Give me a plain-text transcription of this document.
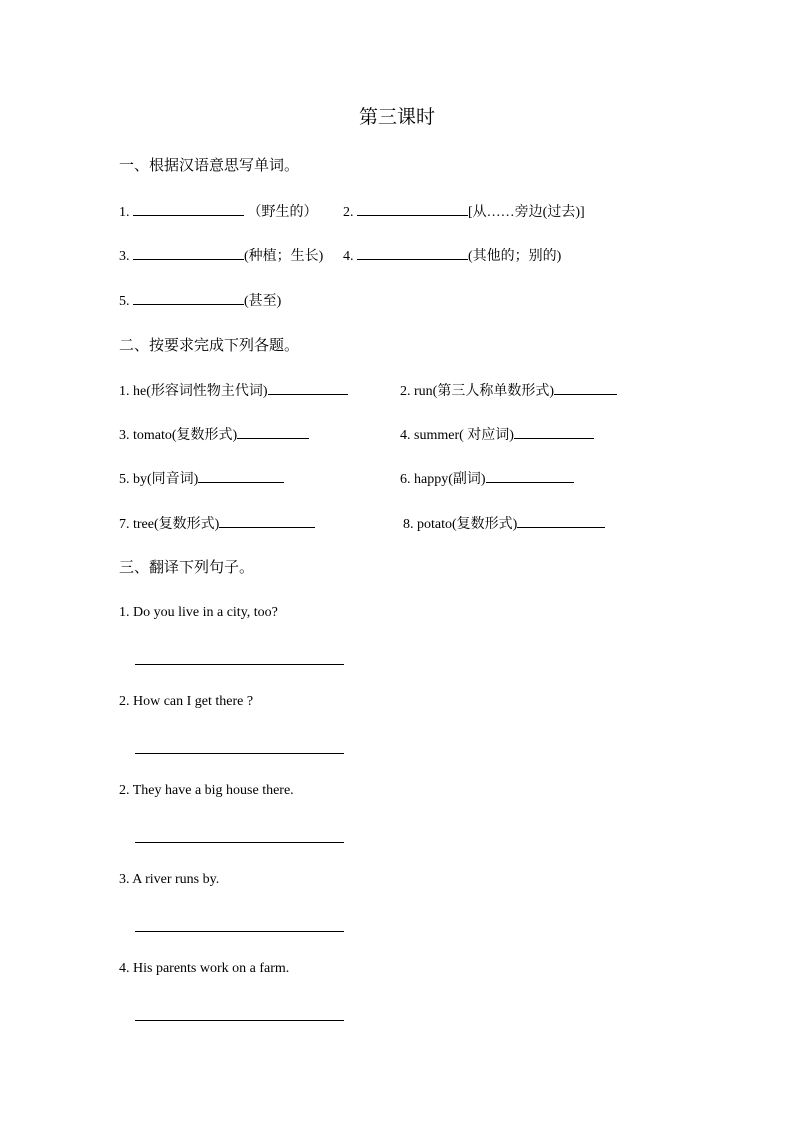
第三课时
一、根据汉语意思写单词。
1.	（野生的） 2.	[从……旁边(过去)]
3.	(种植；生长) 4.	(其他的；别的)
5.	(甚至)
二、按要求完成下列各题。
1. he(形容词性物主代词)	2. run(第三人称单数形式)
3. tomato(复数形式)	4. summer( 对应词)
5. by(同音词)	6. happy(副词)
7. tree(复数形式)	8. potato(复数形式)
三、翻译下列句子。
1. Do you live in a city, too?
2. How can I get there ?
2. They have a big house there.
3. A river runs by.
4. His parents work on a farm.
